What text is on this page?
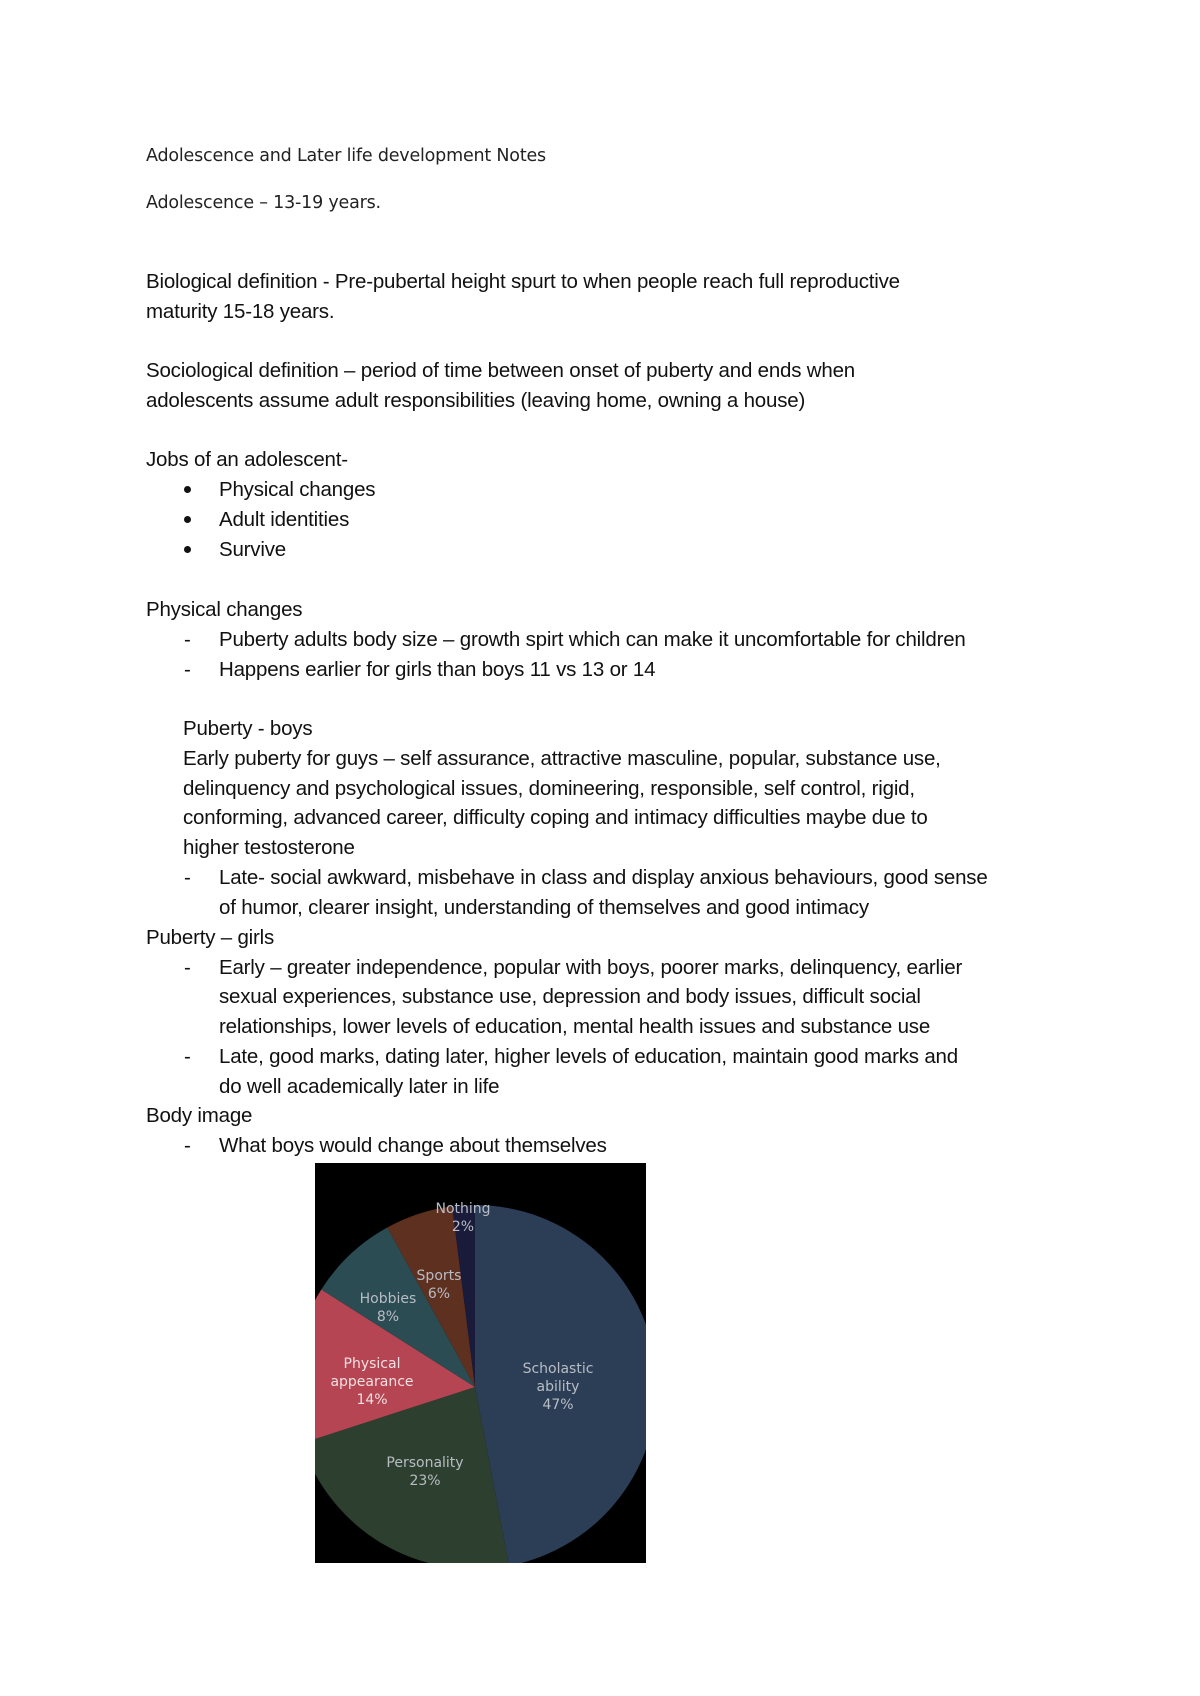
Adolescence and Later life development Notes
Adolescence – 13-19 years.
Biological definition - Pre-pubertal height spurt to when people reach full reproductive
maturity 15-18 years.
Sociological definition – period of time between onset of puberty and ends when
adolescents assume adult responsibilities (leaving home, owning a house)
Jobs of an adolescent-
Physical changes
Adult identities
Survive
Physical changes
- Puberty adults body size – growth spirt which can make it uncomfortable for children
- Happens earlier for girls than boys 11 vs 13 or 14
Puberty - boys
Early puberty for guys – self assurance, attractive masculine, popular, substance use,
delinquency and psychological issues, domineering, responsible, self control, rigid,
conforming, advanced career, difficulty coping and intimacy difficulties maybe due to
higher testosterone
- Late- social awkward, misbehave in class and display anxious behaviours, good sense
of humor, clearer insight, understanding of themselves and good intimacy
Puberty – girls
- Early – greater independence, popular with boys, poorer marks, delinquency, earlier
sexual experiences, substance use, depression and body issues, difficult social
relationships, lower levels of education, mental health issues and substance use
- Late, good marks, dating later, higher levels of education, maintain good marks and
do well academically later in life
Body image
- What boys would change about themselves
Scholastic ability 47%
Personality 23%
Physical appearance 14%
Hobbies 8%
Sports 6%
Nothing 2%
